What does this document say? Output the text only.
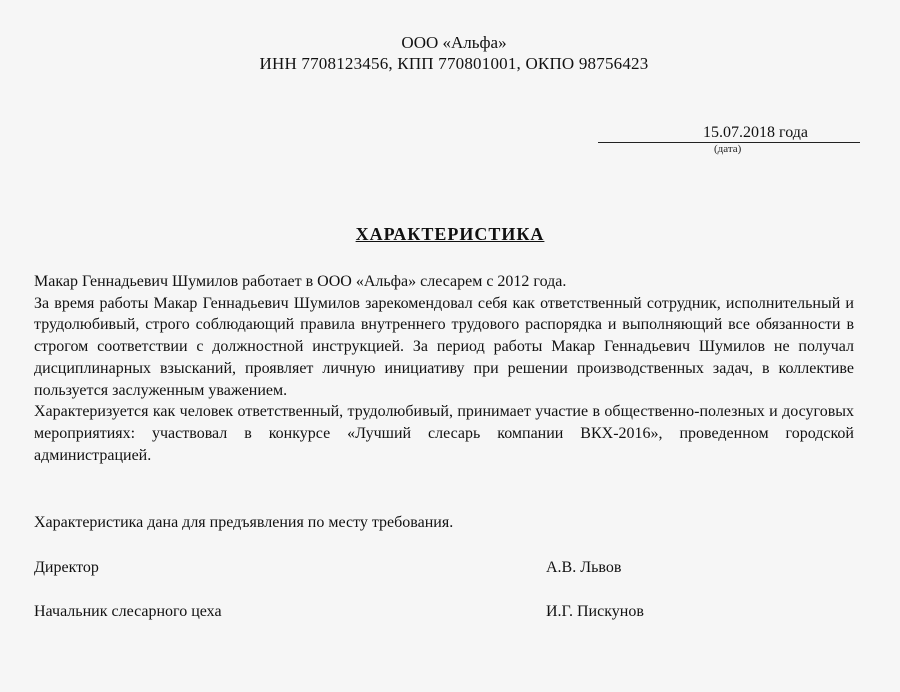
ООО «Альфа»
ИНН 7708123456, КПП 770801001, ОКПО 98756423
15.07.2018 года
(дата)
ХАРАКТЕРИСТИКА

Макар Геннадьевич Шумилов работает в ООО «Альфа» слесарем с 2012 года.

За время работы Макар Геннадьевич Шумилов зарекомендовал себя как ответственный сотрудник, исполнительный и трудолюбивый, строго соблюдающий правила внутреннего трудового распорядка и выполняющий все обязанности в строгом соответствии с должностной инструкцией. За период работы Макар Геннадьевич Шумилов не получал дисциплинарных взысканий, проявляет личную инициативу при решении производственных задач, в коллективе пользуется заслуженным уважением.

Характеризуется как человек ответственный, трудолюбивый, принимает участие в общественно-полезных и досуговых мероприятиях: участвовал в конкурсе «Лучший слесарь компании ВКХ-2016», проведенном городской администрацией.

Характеристика дана для предъявления по месту требования.
Директор	А.В. Львов
Начальник слесарного цеха	И.Г. Пискунов
